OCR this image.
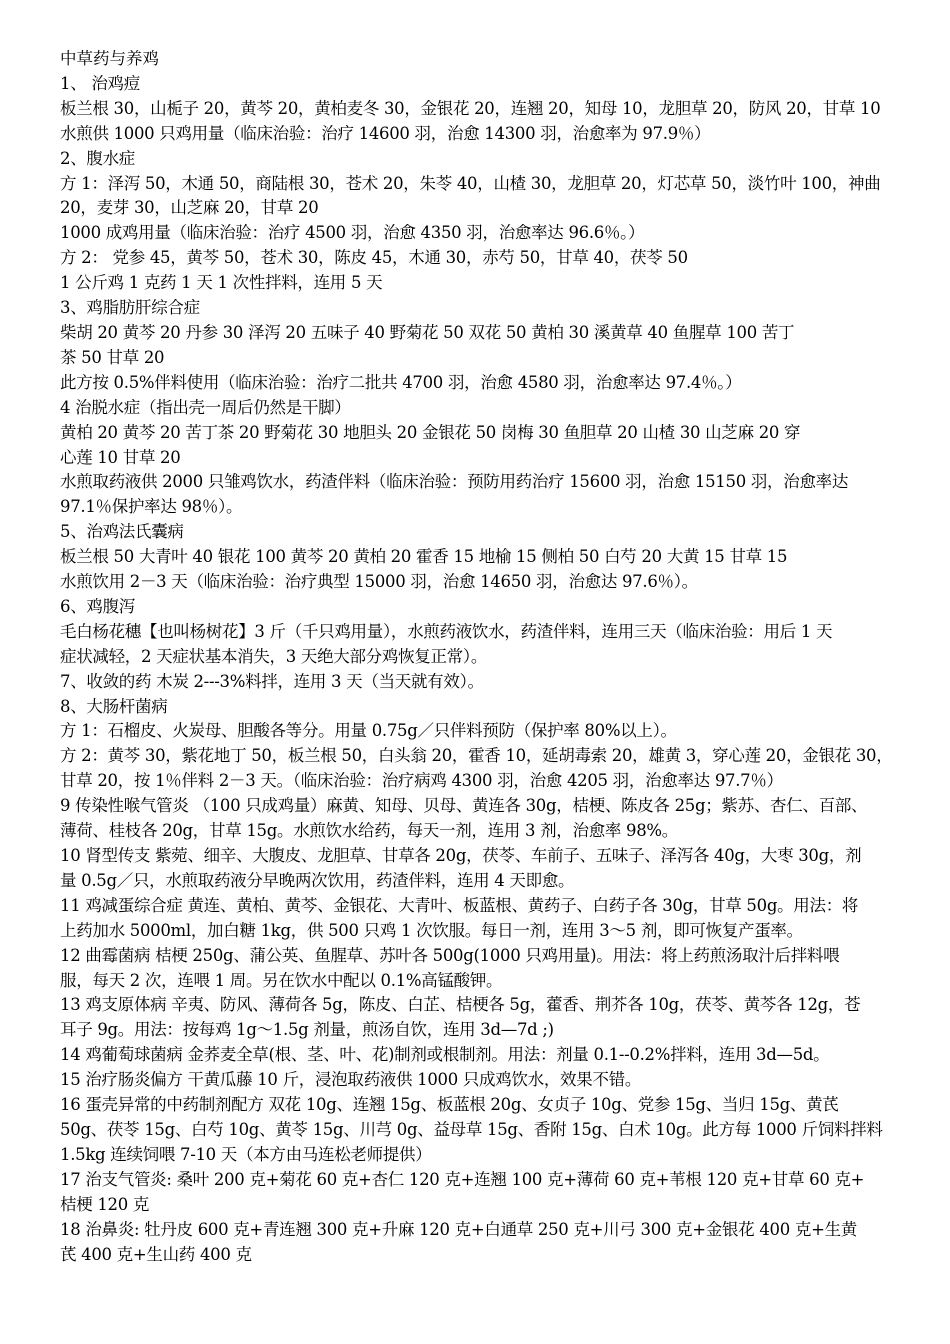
中草药与养鸡
1、 治鸡痘
板兰根 30，山栀子 20，黄芩 20，黄柏麦冬 30，金银花 20，连翘 20，知母 10，龙胆草 20，防风 20，甘草 10
水煎供 1000 只鸡用量（临床治验：治疗 14600 羽，治愈 14300 羽，治愈率为 97.9％）
2、腹水症
方 1：泽泻 50，木通 50，商陆根 30，苍术 20，朱苓 40，山楂 30，龙胆草 20，灯芯草 50，淡竹叶 100，神曲
20，麦芽 30，山芝麻 20，甘草 20
1000 成鸡用量（临床治验：治疗 4500 羽，治愈 4350 羽，治愈率达 96.6％。）
方 2： 党参 45，黄芩 50，苍术 30，陈皮 45，木通 30，赤芍 50，甘草 40，茯苓 50
1 公斤鸡 1 克药 1 天 1 次性拌料，连用 5 天
3、鸡脂肪肝综合症
柴胡 20 黄芩 20 丹参 30 泽泻 20 五味子 40 野菊花 50 双花 50 黄柏 30 溪黄草 40 鱼腥草 100 苦丁
茶 50 甘草 20
此方按 0.5%伴料使用（临床治验：治疗二批共 4700 羽，治愈 4580 羽，治愈率达 97.4％。）
4 治脱水症（指出壳一周后仍然是干脚）
黄柏 20 黄芩 20 苦丁茶 20 野菊花 30 地胆头 20 金银花 50 岗梅 30 鱼胆草 20 山楂 30 山芝麻 20 穿
心莲 10 甘草 20
水煎取药液供 2000 只雏鸡饮水，药渣伴料（临床治验：预防用药治疗 15600 羽，治愈 15150 羽，治愈率达
97.1％保护率达 98％）。
5、治鸡法氏囊病
板兰根 50 大青叶 40 银花 100 黄芩 20 黄柏 20 霍香 15 地榆 15 侧柏 50 白芍 20 大黄 15 甘草 15
水煎饮用 2－3 天（临床治验：治疗典型 15000 羽，治愈 14650 羽，治愈达 97.6％）。
6、鸡腹泻
毛白杨花穗【也叫杨树花】3 斤（千只鸡用量），水煎药液饮水，药渣伴料，连用三天（临床治验：用后 1 天
症状减轻，2 天症状基本消失，3 天绝大部分鸡恢复正常）。
7、收敛的药 木炭 2---3%料拌，连用 3 天（当天就有效）。
8、大肠杆菌病
方 1：石榴皮、火炭母、胆酸各等分。用量 0.75g／只伴料预防（保护率 80%以上）。
方 2：黄芩 30，紫花地丁 50，板兰根 50，白头翁 20，霍香 10，延胡毒索 20，雄黄 3，穿心莲 20，金银花 30，
甘草 20，按 1％伴料 2－3 天。（临床治验：治疗病鸡 4300 羽，治愈 4205 羽，治愈率达 97.7％）
9 传染性喉气管炎 （100 只成鸡量）麻黄、知母、贝母、黄连各 30g，桔梗、陈皮各 25g；紫苏、杏仁、百部、
薄荷、桂枝各 20g，甘草 15g。水煎饮水给药，每天一剂，连用 3 剂，治愈率 98%。
10 肾型传支 紫菀、细辛、大腹皮、龙胆草、甘草各 20g，茯苓、车前子、五味子、泽泻各 40g，大枣 30g，剂
量 0.5g／只，水煎取药液分早晚两次饮用，药渣伴料，连用 4 天即愈。
11 鸡减蛋综合症 黄连、黄柏、黄芩、金银花、大青叶、板蓝根、黄药子、白药子各 30g，甘草 50g。用法：将
上药加水 5000ml，加白糖 1kg，供 500 只鸡 1 次饮服。每日一剂，连用 3～5 剂，即可恢复产蛋率。
12 曲霉菌病 桔梗 250g、蒲公英、鱼腥草、苏叶各 500g(1000 只鸡用量)。用法：将上药煎汤取汁后拌料喂
服，每天 2 次，连喂 1 周。另在饮水中配以 0.1%高锰酸钾。
13 鸡支原体病 辛夷、防风、薄荷各 5g，陈皮、白芷、桔梗各 5g，藿香、荆芥各 10g，茯苓、黄芩各 12g，苍
耳子 9g。用法：按每鸡 1g～1.5g 剂量，煎汤自饮，连用 3d—7d ;)
14 鸡葡萄球菌病 金荞麦全草(根、茎、叶、花)制剂或根制剂。用法：剂量 0.1--0.2%拌料，连用 3d—5d。
15 治疗肠炎偏方 干黄瓜藤 10 斤，浸泡取药液供 1000 只成鸡饮水，效果不错。
16 蛋壳异常的中药制剂配方 双花 10g、连翘 15g、板蓝根 20g、女贞子 10g、党参 15g、当归 15g、黄芪
50g、茯苓 15g、白芍 10g、黄苓 15g、川芎 0g、益母草 15g、香附 15g、白术 10g。此方每 1000 斤饲料拌料
1.5kg 连续饲喂 7-10 天（本方由马连松老师提供）
17 治支气管炎: 桑叶 200 克+菊花 60 克+杏仁 120 克+连翘 100 克+薄荷 60 克+苇根 120 克+甘草 60 克+
桔梗 120 克
18 治鼻炎: 牡丹皮 600 克+青连翘 300 克+升麻 120 克+白通草 250 克+川弓 300 克+金银花 400 克+生黄
芪 400 克+生山药 400 克
